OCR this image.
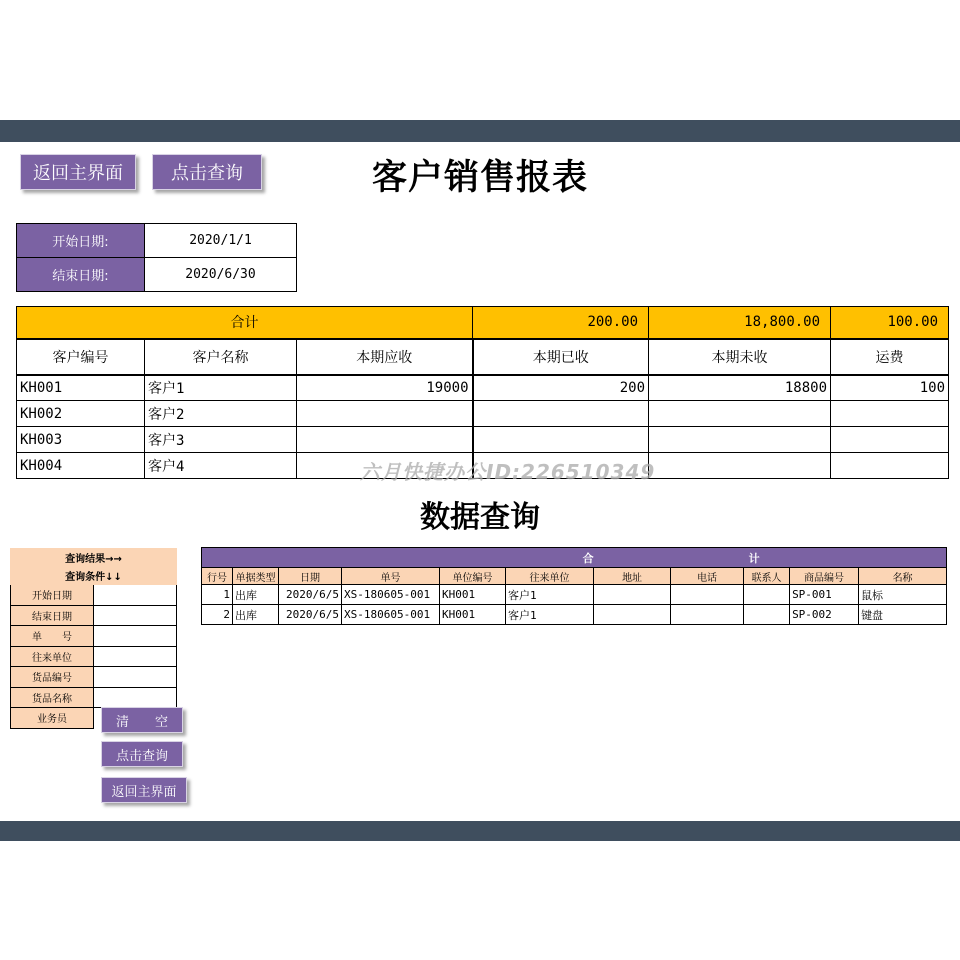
返回主界面	点击查询	客户销售报表
开始日期:	2020/1/1
结束日期:	2020/6/30
合计			200.00	18,800.00	100.00
客户编号	客户名称	本期应收	本期已收	本期未收	运费
KH001	客户1	19000	200	18800	100
KH002	客户2				
KH003	客户3				
KH004	客户4					六月快捷办公ID:226510349
数据查询
查询结果→→	
查询条件↓↓	
开始日期	
结束日期	
单　　号	
往来单位	
货品编号	
货品名称	
业务员		清　　空
点击查询
返回主界面
合						计				
行号	单据类型	日期	单号	单位编号	往来单位	地址	电话	联系人	商品编号	名称
1	出库	2020/6/5	XS-180605-001	KH001	客户1				SP-001	鼠标
2	出库	2020/6/5	XS-180605-001	KH001	客户1				SP-002	键盘
